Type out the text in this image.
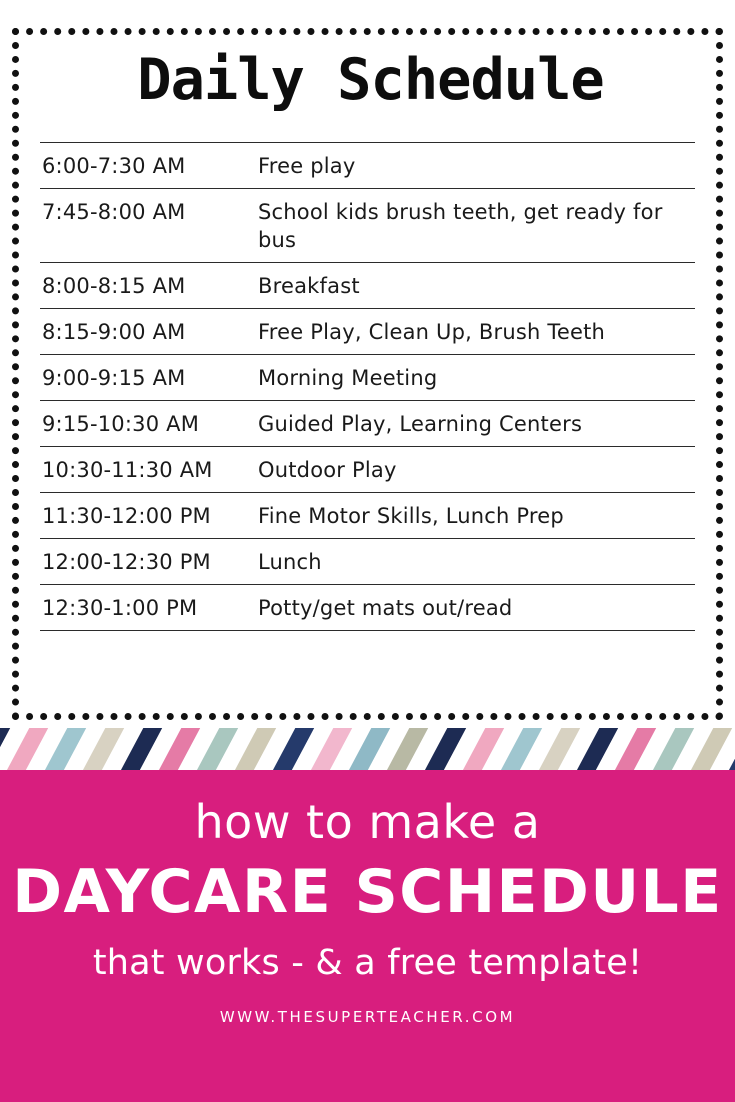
Daily Schedule
6:00-7:30 AM	Free play
7:45-8:00 AM	School kids brush teeth, get ready for bus
8:00-8:15 AM	Breakfast
8:15-9:00 AM	Free Play, Clean Up, Brush Teeth
9:00-9:15 AM	Morning Meeting
9:15-10:30 AM	Guided Play, Learning Centers
10:30-11:30 AM	Outdoor Play
11:30-12:00 PM	Fine Motor Skills, Lunch Prep
12:00-12:30 PM	Lunch
12:30-1:00 PM	Potty/get mats out/read

how to make a

DAYCARE SCHEDULE

that works - & a free template!

WWW.THESUPERTEACHER.COM
